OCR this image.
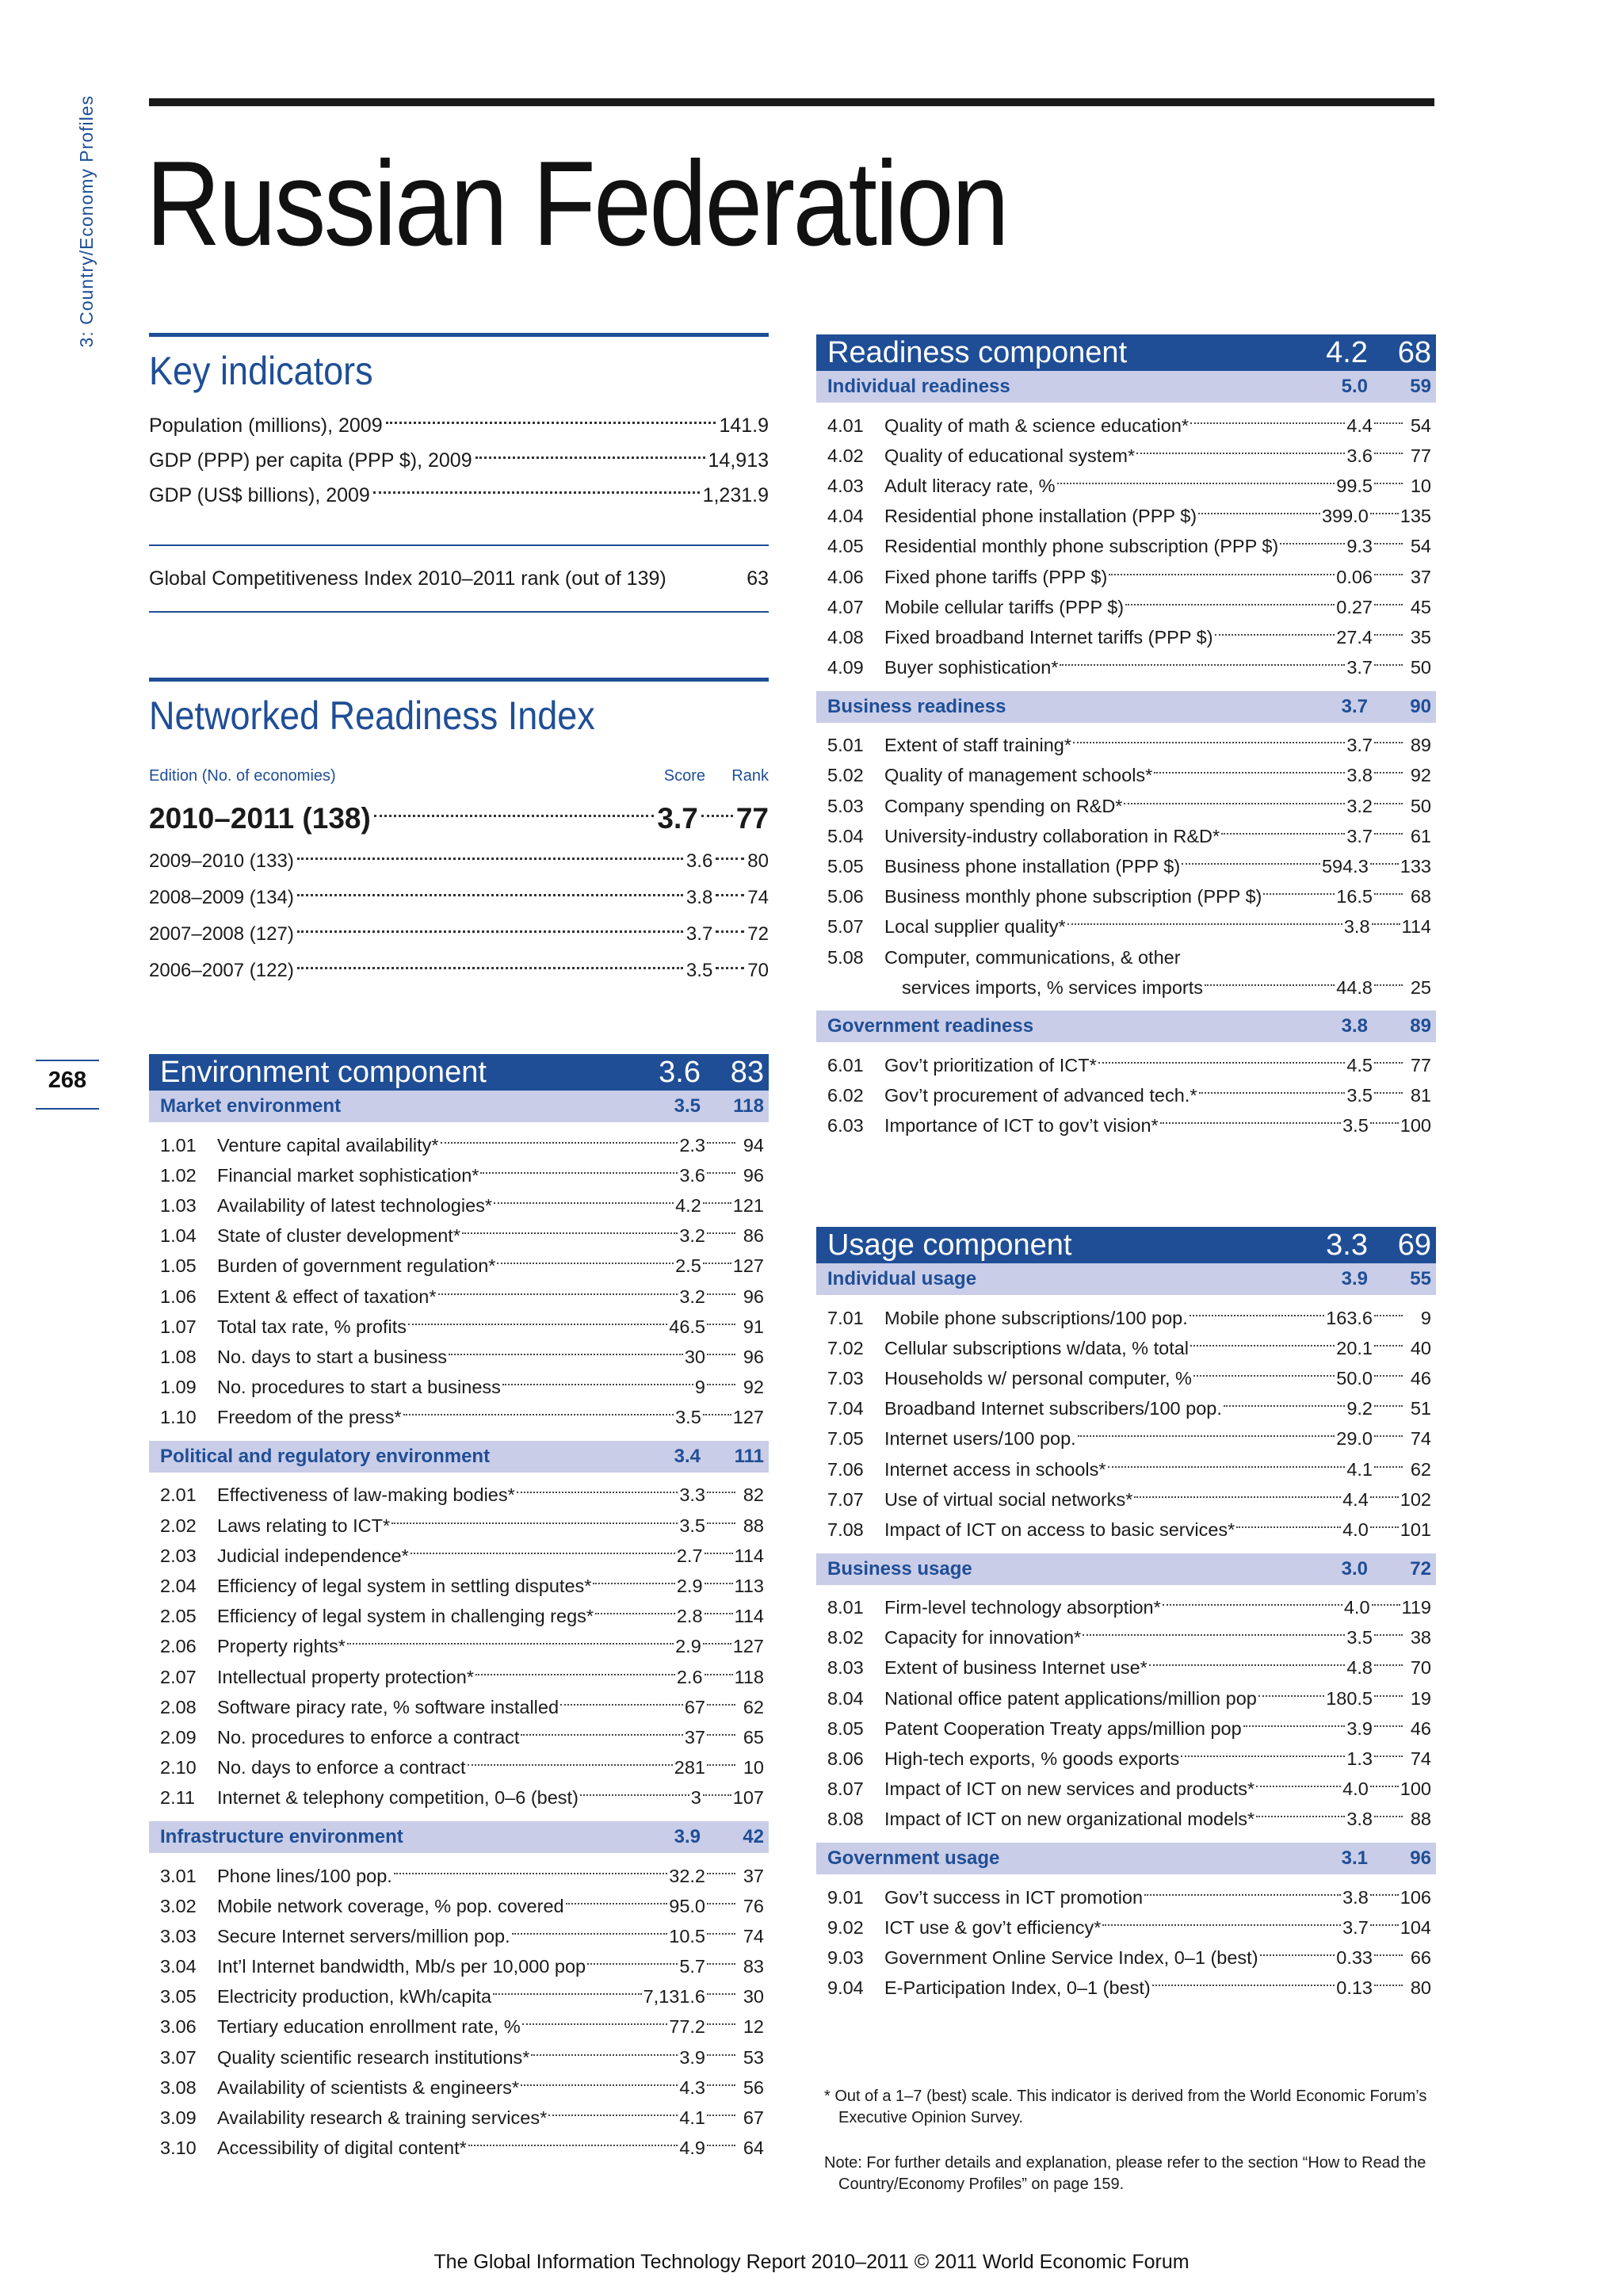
3: Country/Economy Profiles Russian Federation
268
Key indicators
Population (millions), 2009	141.9
GDP (PPP) per capita (PPP $), 2009	14,913
GDP (US$ billions), 2009	1,231.9
Global Competitiveness Index 2010–2011 rank (out of 139)	63
Networked Readiness Index
Edition (No. of economies)	Score	Rank
2010–2011 (138)	3.7 77
2009–2010 (133)	3.6 80
2008–2009 (134)	3.8 74
2007–2008 (127)	3.7 72
2006–2007 (122)	3.5 70
Environment component	3.6 83
Market environment	3.5	118
1.01	Venture capital availability*	2.3	94
1.02	Financial market sophistication*	3.6	96
1.03	Availability of latest technologies*	4.2 121
1.04	State of cluster development*	3.2	86
1.05	Burden of government regulation*	2.5 127
1.06	Extent & effect of taxation*	3.2	96
1.07	Total tax rate, % profits	46.5	91
1.08	No. days to start a business	30	96
1.09	No. procedures to start a business	9	92
1.10	Freedom of the press*	3.5 127
Political and regulatory environment	3.4	111
2.01	Effectiveness of law-making bodies*	3.3	82
2.02	Laws relating to ICT*	3.5	88
2.03	Judicial independence*	2.7 114
2.04	Efficiency of legal system in settling disputes*	2.9 113
2.05	Efficiency of legal system in challenging regs*	2.8 114
2.06	Property rights*	2.9 127
2.07	Intellectual property protection*	2.6 118
2.08	Software piracy rate, % software installed	67	62
2.09	No. procedures to enforce a contract	37	65
2.10	No. days to enforce a contract	281	10
2.11	Internet & telephony competition, 0–6 (best)	3 107
Infrastructure environment	3.9	42
3.01	Phone lines/100 pop.	32.2	37
3.02	Mobile network coverage, % pop. covered	95.0	76
3.03	Secure Internet servers/million pop.	10.5	74
3.04	Int’l Internet bandwidth, Mb/s per 10,000 pop	5.7	83
3.05	Electricity production, kWh/capita	7,131.6	30
3.06	Tertiary education enrollment rate, %	77.2	12
3.07	Quality scientific research institutions*	3.9	53
3.08	Availability of scientists & engineers*	4.3	56
3.09	Availability research & training services*	4.1	67
3.10	Accessibility of digital content*	4.9	64
Readiness component	4.2 68
Individual readiness	5.0	59
4.01	Quality of math & science education*	4.4	54
4.02	Quality of educational system*	3.6	77
4.03	Adult literacy rate, %	99.5	10
4.04	Residential phone installation (PPP $)	399.0 135
4.05	Residential monthly phone subscription (PPP $)	9.3	54
4.06	Fixed phone tariffs (PPP $)	0.06	37
4.07	Mobile cellular tariffs (PPP $)	0.27	45
4.08	Fixed broadband Internet tariffs (PPP $)	27.4	35
4.09	Buyer sophistication*	3.7	50
Business readiness	3.7	90
5.01	Extent of staff training*	3.7	89
5.02	Quality of management schools*	3.8	92
5.03	Company spending on R&D*	3.2	50
5.04	University-industry collaboration in R&D*	3.7	61
5.05	Business phone installation (PPP $)	594.3 133
5.06	Business monthly phone subscription (PPP $)	16.5	68
5.07	Local supplier quality*	3.8 114
5.08	Computer, communications, & other
services imports, % services imports	44.8	25
Government readiness	3.8	89
6.01	Gov’t prioritization of ICT*	4.5	77
6.02	Gov’t procurement of advanced tech.*	3.5	81
6.03	Importance of ICT to gov’t vision*	3.5 100
Usage component	3.3 69
Individual usage	3.9	55
7.01	Mobile phone subscriptions/100 pop.	163.6	9
7.02	Cellular subscriptions w/data, % total	20.1	40
7.03	Households w/ personal computer, %	50.0	46
7.04	Broadband Internet subscribers/100 pop.	9.2	51
7.05	Internet users/100 pop.	29.0	74
7.06	Internet access in schools*	4.1	62
7.07	Use of virtual social networks*	4.4 102
7.08	Impact of ICT on access to basic services*	4.0 101
Business usage	3.0	72
8.01	Firm-level technology absorption*	4.0 119
8.02	Capacity for innovation*	3.5	38
8.03	Extent of business Internet use*	4.8	70
8.04	National office patent applications/million pop	180.5	19
8.05	Patent Cooperation Treaty apps/million pop	3.9	46
8.06	High-tech exports, % goods exports	1.3	74
8.07	Impact of ICT on new services and products*	4.0 100
8.08	Impact of ICT on new organizational models*	3.8	88
Government usage	3.1	96
9.01	Gov’t success in ICT promotion	3.8 106
9.02	ICT use & gov’t efficiency*	3.7 104
9.03	Government Online Service Index, 0–1 (best)	0.33	66
9.04	E-Participation Index, 0–1 (best)	0.13	80
* Out of a 1–7 (best) scale. This indicator is derived from the World Economic Forum’s Executive Opinion Survey.
Note: For further details and explanation, please refer to the section “How to Read the Country/Economy Profiles” on page 159.
The Global Information Technology Report 2010–2011 © 2011 World Economic Forum
